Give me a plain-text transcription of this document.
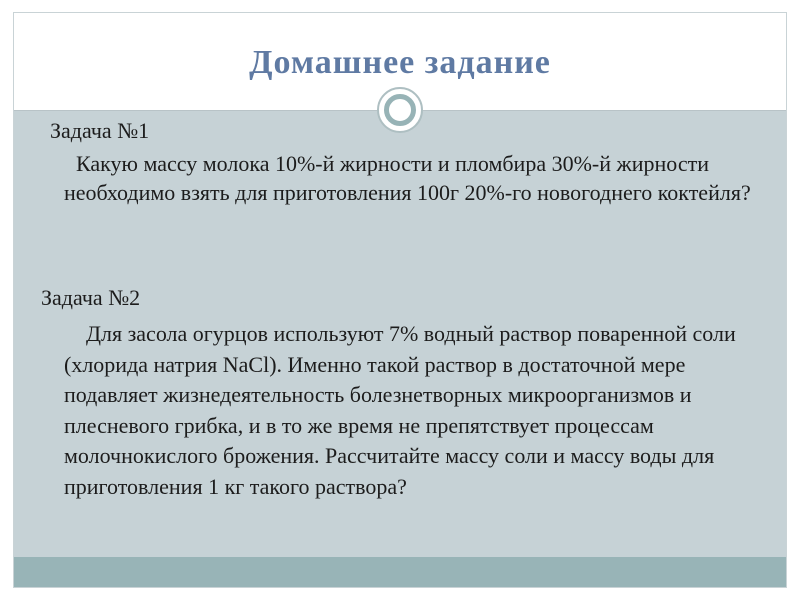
Домашнее задание
Задача №1
Какую массу молока 10%-й жирности и пломбира 30%-й жирности необходимо взять для приготовления 100г 20%-го новогоднего коктейля?
Задача №2
Для засола огурцов используют 7% водный раствор поваренной соли (хлорида натрия NaCl). Именно такой раствор в достаточной мере подавляет жизнедеятельность болезнетворных микроорганизмов и плесневого грибка, и в то же время не препятствует процессам молочнокислого брожения. Рассчитайте массу соли и массу воды для приготовления 1 кг такого раствора?
